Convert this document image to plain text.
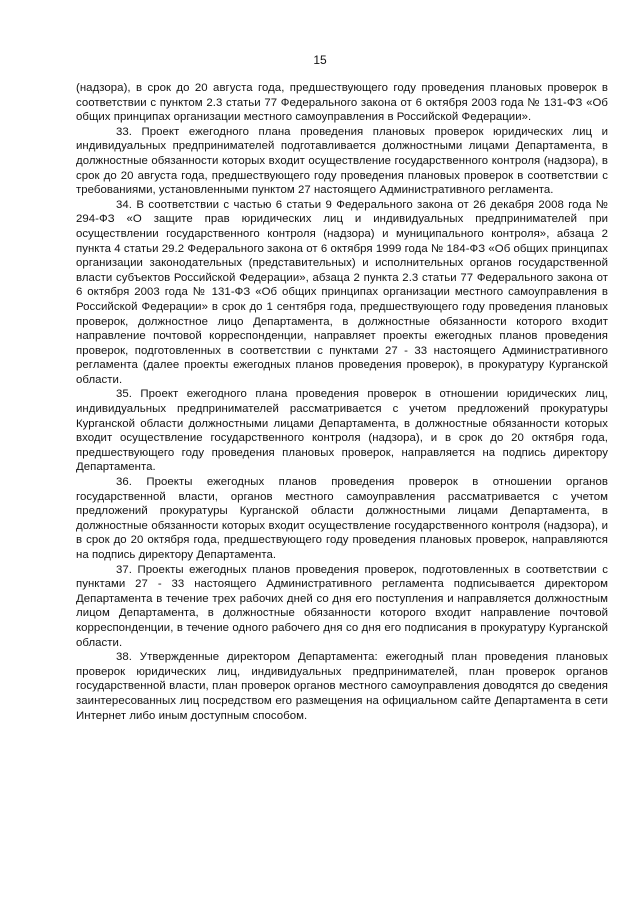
15

(надзора), в срок до 20 августа года, предшествующего году проведения плановых проверок в соответствии с пунктом 2.3 статьи 77 Федерального закона от 6 октября 2003 года № 131-ФЗ «Об общих принципах организации местного самоуправления в Российской Федерации».

33. Проект ежегодного плана проведения плановых проверок юридических лиц и индивидуальных предпринимателей подготавливается должностными лицами Департамента, в должностные обязанности которых входит осуществление государственного контроля (надзора), в срок до 20 августа года, предшествующего году проведения плановых проверок в соответствии с требованиями, установленными пунктом 27 настоящего Административного регламента.

34. В соответствии с частью 6 статьи 9 Федерального закона от 26 декабря 2008 года № 294-ФЗ «О защите прав юридических лиц и индивидуальных предпринимателей при осуществлении государственного контроля (надзора) и муниципального контроля», абзаца 2 пункта 4 статьи 29.2 Федерального закона от 6 октября 1999 года № 184-ФЗ «Об общих принципах организации законодательных (представительных) и исполнительных органов государственной власти субъектов Российской Федерации», абзаца 2 пункта 2.3 статьи 77 Федерального закона от 6 октября 2003 года № 131-ФЗ «Об общих принципах организации местного самоуправления в Российской Федерации» в срок до 1 сентября года, предшествующего году проведения плановых проверок, должностное лицо Департамента, в должностные обязанности которого входит направление почтовой корреспонденции, направляет проекты ежегодных планов проведения проверок, подготовленных в соответствии с пунктами 27 - 33 настоящего Административного регламента (далее проекты ежегодных планов проведения проверок), в прокуратуру Курганской области.

35. Проект ежегодного плана проведения проверок в отношении юридических лиц, индивидуальных предпринимателей рассматривается с учетом предложений прокуратуры Курганской области должностными лицами Департамента, в должностные обязанности которых входит осуществление государственного контроля (надзора), и в срок до 20 октября года, предшествующего году проведения плановых проверок, направляется на подпись директору Департамента.

36. Проекты ежегодных планов проведения проверок в отношении органов государственной власти, органов местного самоуправления рассматривается с учетом предложений прокуратуры Курганской области должностными лицами Департамента, в должностные обязанности которых входит осуществление государственного контроля (надзора), и в срок до 20 октября года, предшествующего году проведения плановых проверок, направляются на подпись директору Департамента.

37. Проекты ежегодных планов проведения проверок, подготовленных в соответствии с пунктами 27 - 33 настоящего Административного регламента подписывается директором Департамента в течение трех рабочих дней со дня его поступления и направляется должностным лицом Департамента, в должностные обязанности которого входит направление почтовой корреспонденции, в течение одного рабочего дня со дня его подписания в прокуратуру Курганской области.

38. Утвержденные директором Департамента: ежегодный план проведения плановых проверок юридических лиц, индивидуальных предпринимателей, план проверок органов государственной власти, план проверок органов местного самоуправления доводятся до сведения заинтересованных лиц посредством его размещения на официальном сайте Департамента в сети Интернет либо иным доступным способом.
